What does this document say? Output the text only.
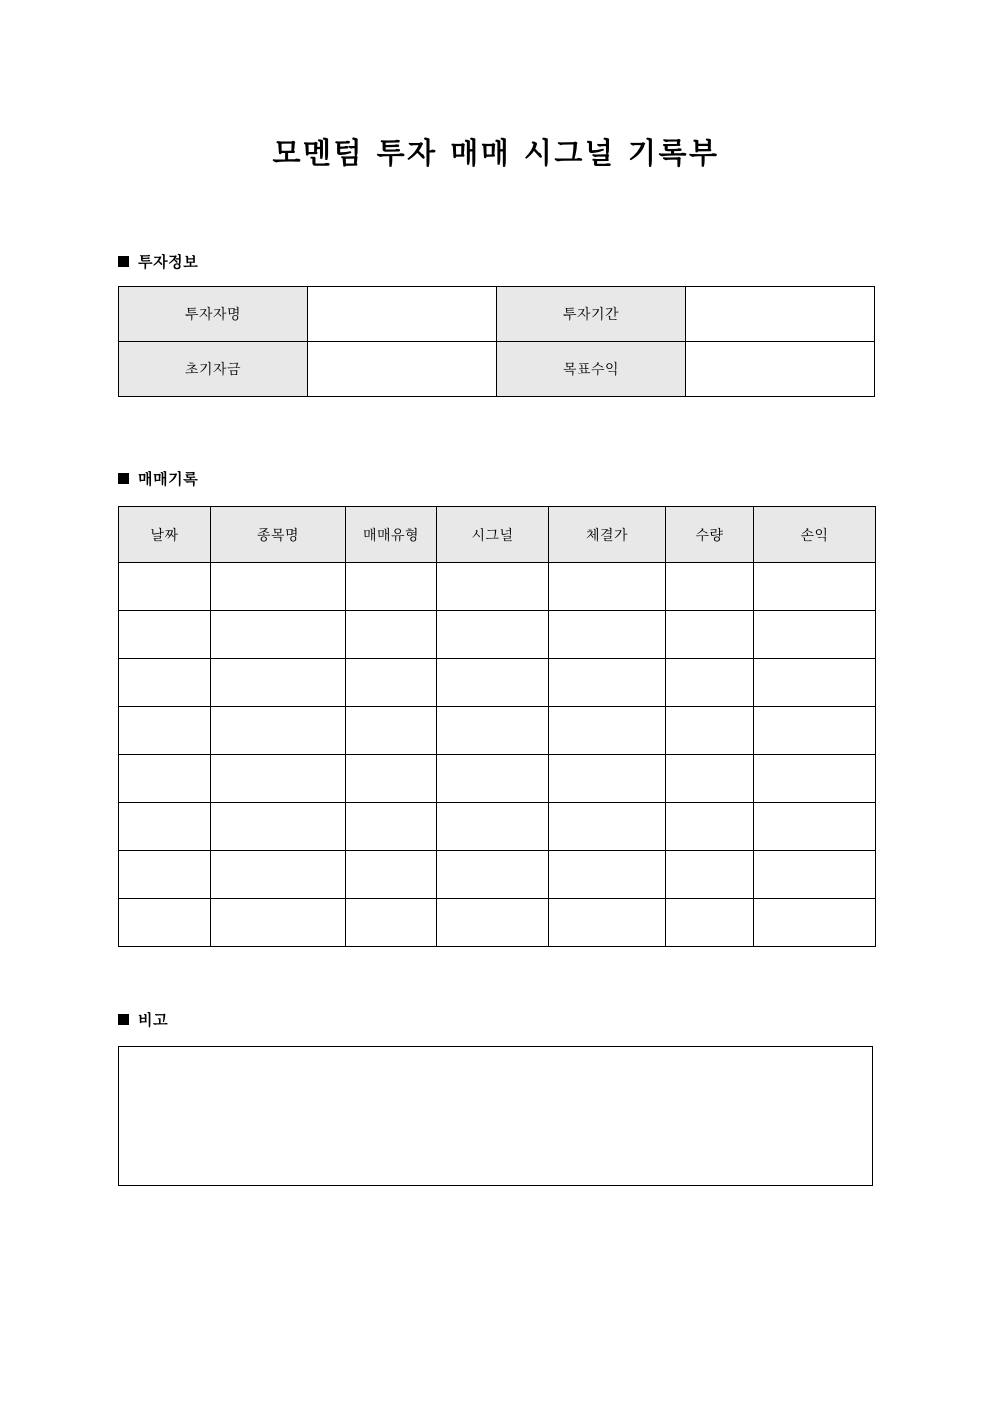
모멘텀 투자 매매 시그널 기록부
투자정보
투자자명		투자기간	
초기자금		목표수익	
매매기록
날짜	종목명	매매유형	시그널	체결가	수량	손익

비고
